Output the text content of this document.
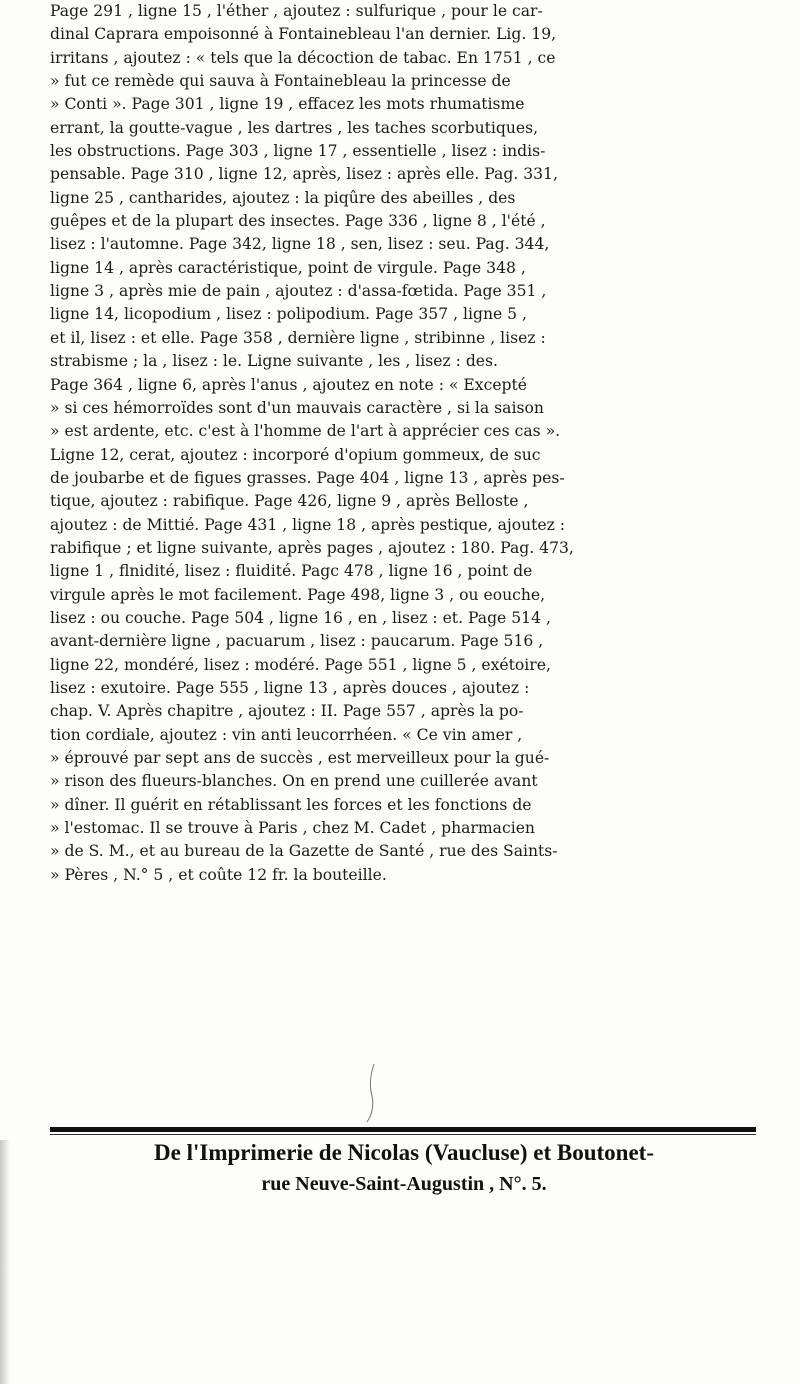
Page 291 , ligne 15 , l'éther , ajoutez : sulfurique , pour le car-
dinal Caprara empoisonné à Fontainebleau l'an dernier. Lig. 19,
irritans , ajoutez : « tels que la décoction de tabac. En 1751 , ce
» fut ce remède qui sauva à Fontainebleau la princesse de
» Conti ». Page 301 , ligne 19 , effacez les mots rhumatisme
errant, la goutte-vague , les dartres , les taches scorbutiques,
les obstructions. Page 303 , ligne 17 , essentielle , lisez : indis-
pensable. Page 310 , ligne 12, après, lisez : après elle. Pag. 331,
ligne 25 , cantharides, ajoutez : la piqûre des abeilles , des
guêpes et de la plupart des insectes. Page 336 , ligne 8 , l'été ,
lisez : l'automne. Page 342, ligne 18 , sen, lisez : seu. Pag. 344,
ligne 14 , après caractéristique, point de virgule. Page 348 ,
ligne 3 , après mie de pain , ajoutez : d'assa-fœtida. Page 351 ,
ligne 14, licopodium , lisez : polipodium. Page 357 , ligne 5 ,
et il, lisez : et elle. Page 358 , dernière ligne , stribinne , lisez :
strabisme ; la , lisez : le. Ligne suivante , les , lisez : des.
Page 364 , ligne 6, après l'anus , ajoutez en note : « Excepté
» si ces hémorroïdes sont d'un mauvais caractère , si la saison
» est ardente, etc. c'est à l'homme de l'art à apprécier ces cas ».
Ligne 12, cerat, ajoutez : incorporé d'opium gommeux, de suc
de joubarbe et de figues grasses. Page 404 , ligne 13 , après pes-
tique, ajoutez : rabifique. Page 426, ligne 9 , après Belloste ,
ajoutez : de Mittié. Page 431 , ligne 18 , après pestique, ajoutez :
rabifique ; et ligne suivante, après pages , ajoutez : 180. Pag. 473,
ligne 1 , flnidité, lisez : fluidité. Pagc 478 , ligne 16 , point de
virgule après le mot facilement. Page 498, ligne 3 , ou eouche,
lisez : ou couche. Page 504 , ligne 16 , en , lisez : et. Page 514 ,
avant-dernière ligne , pacuarum , lisez : paucarum. Page 516 ,
ligne 22, mondéré, lisez : modéré. Page 551 , ligne 5 , exétoire,
lisez : exutoire. Page 555 , ligne 13 , après douces , ajoutez :
chap. V. Après chapitre , ajoutez : II. Page 557 , après la po-
tion cordiale, ajoutez : vin anti leucorrhéen. « Ce vin amer ,
» éprouvé par sept ans de succès , est merveilleux pour la gué-
» rison des flueurs-blanches. On en prend une cuillerée avant
» dîner. Il guérit en rétablissant les forces et les fonctions de
» l'estomac. Il se trouve à Paris , chez M. Cadet , pharmacien
» de S. M., et au bureau de la Gazette de Santé , rue des Saints-
» Pères , N.° 5 , et coûte 12 fr. la bouteille.

De l'Imprimerie de Nicolas (Vaucluse) et Boutonet-
rue Neuve-Saint-Augustin , N°. 5.
